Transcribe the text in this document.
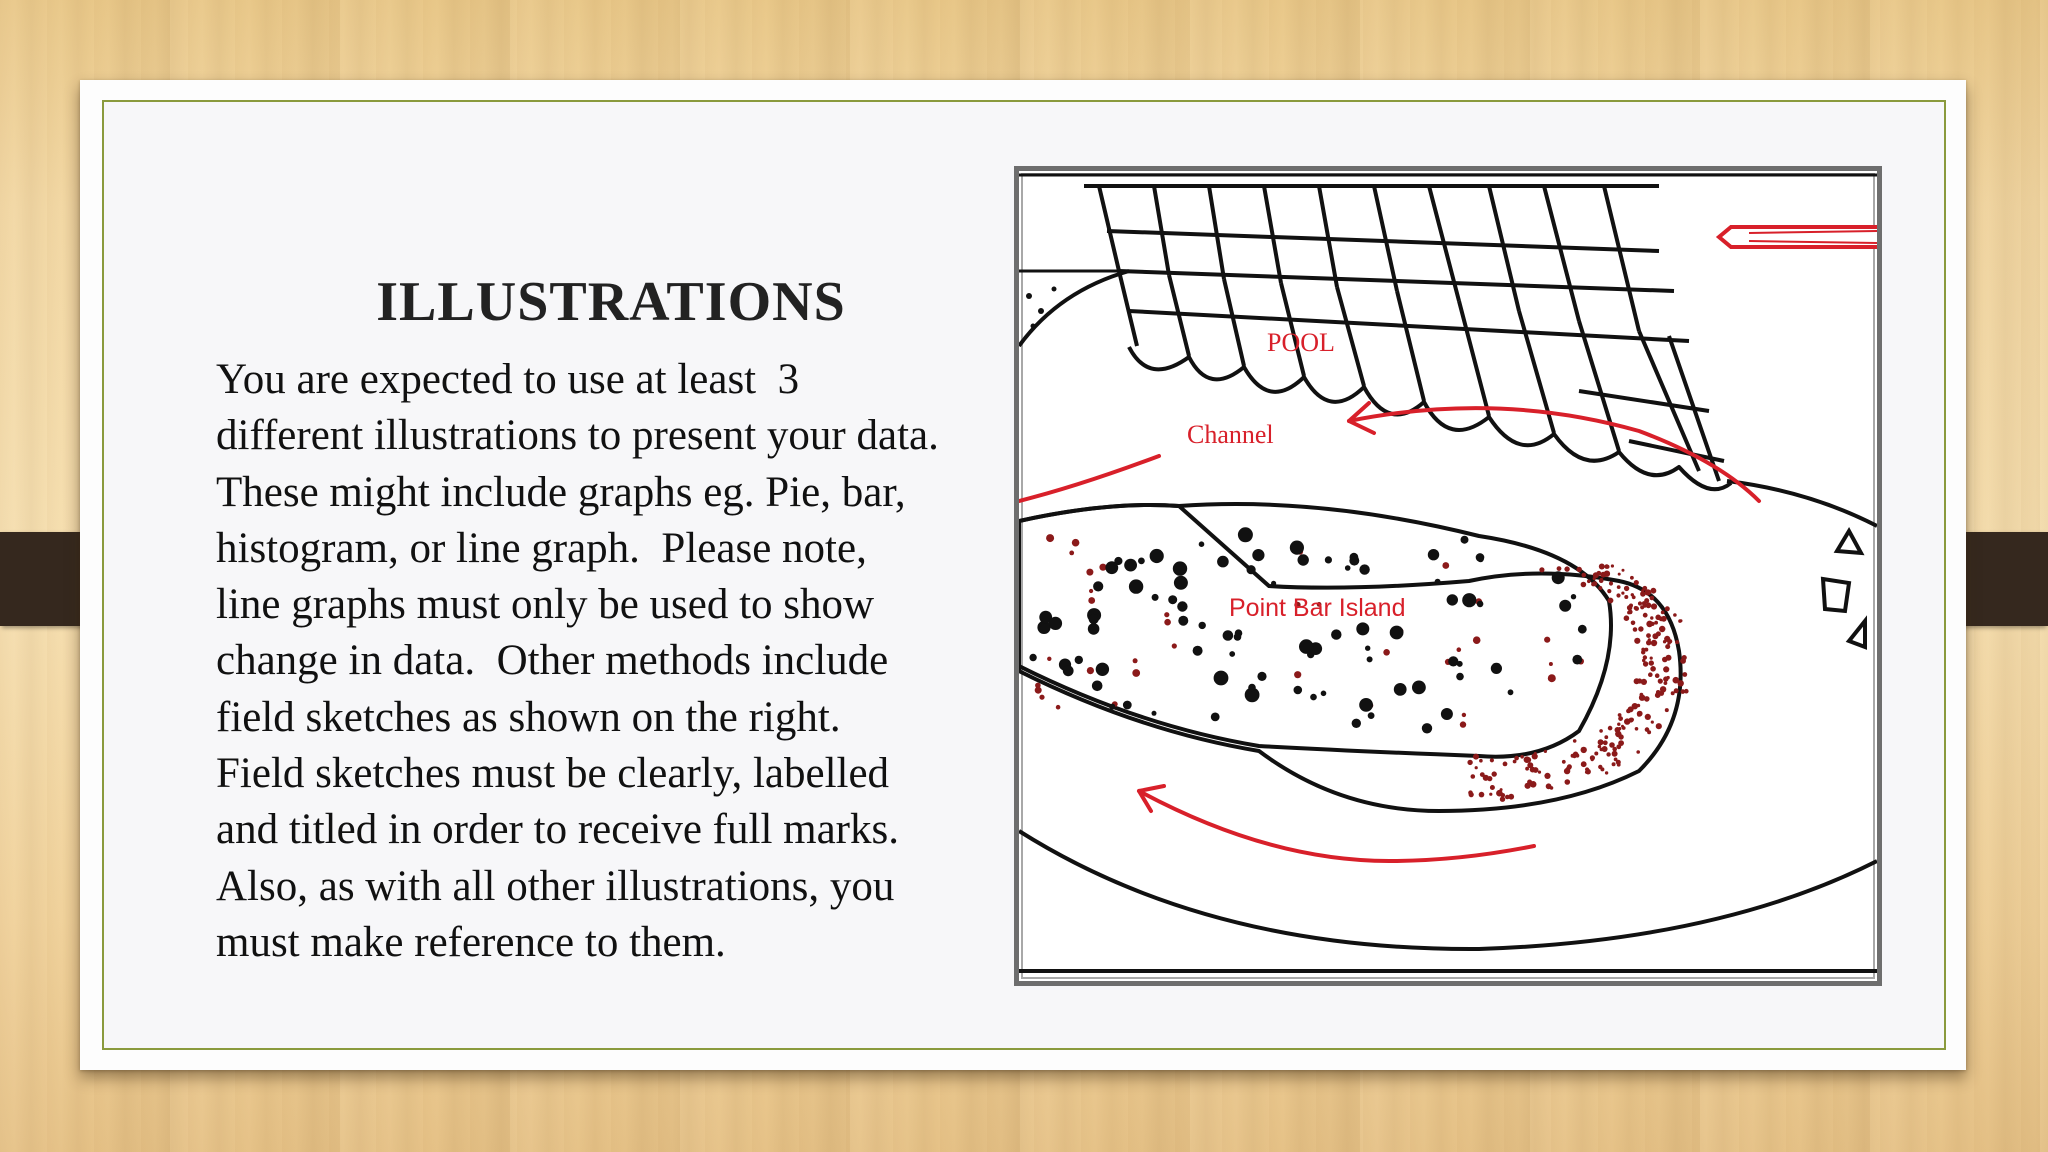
ILLUSTRATIONS
You are expected to use at least  3
different illustrations to present your data.
These might include graphs eg. Pie, bar,
histogram, or line graph.  Please note,
line graphs must only be used to show
change in data.  Other methods include
field sketches as shown on the right.
Field sketches must be clearly, labelled
and titled in order to receive full marks.
Also, as with all other illustrations, you
must make reference to them.
POOL
Channel
Point Bar Island
